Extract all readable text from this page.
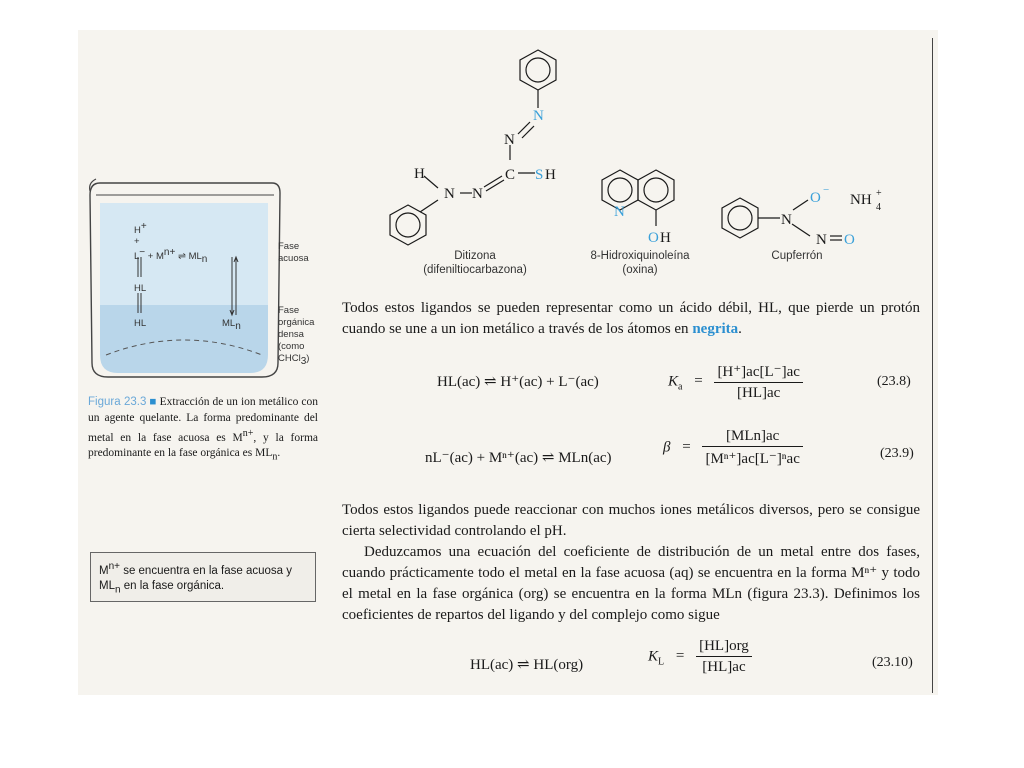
N
N
C S H
N
N
H
N
O H
N
O −
N O
NH 4
+
Ditizona
(difeniltiocarbazona)
8-Hidroxiquinoleína
(oxina)
Cupferrón
H+
+
$L^- + M^{n+}$ ⇌ $ML_n$
HL
HL	$ML_n$
Fase
acuosa
Fase
orgánica
densa
(como
CHCl$_3$)
Figura 23.3 ■ Extracción de un ion metálico con un agente quelante. La forma predominante del metal en la fase acuosa es $M^{n+}$, y la forma predominante en la fase orgánica es $ML_n$.
$M^{n+}$ se encuentra en la fase acuosa y
$ML_n$ en la fase orgánica.
Todos estos ligandos se pueden representar como un ácido débil, HL, que pierde un protón cuando se une a un ion metálico a través de los átomos en negrita.
HL(ac) ⇌ H⁺(ac) + L⁻(ac)	$K_a = \frac{[H^+]ac[L^-]ac}{[HL]ac}$	(23.8)
nL⁻(ac) + Mⁿ⁺(ac) ⇌ MLn(ac)
$\beta = \frac{\text{[MLn]ac}}{\text{[Mⁿ⁺]ac[L⁻]ⁿac}}$	(23.9)
Todos estos ligandos puede reaccionar con muchos iones metálicos diversos, pero se consigue cierta selectividad controlando el pH.
Deduzcamos una ecuación del coeficiente de distribución de un metal entre dos fases, cuando prácticamente todo el metal en la fase acuosa (aq) se encuentra en la forma Mⁿ⁺ y todo el metal en la fase orgánica (org) se encuentra en la forma MLn (figura 23.3). Definimos los coeficientes de repartos del ligando y del complejo como sigue
HL(ac) ⇌ HL(org)
$K_L = \frac{\text{[HL]org}}{[HL]ac}$	(23.10)
